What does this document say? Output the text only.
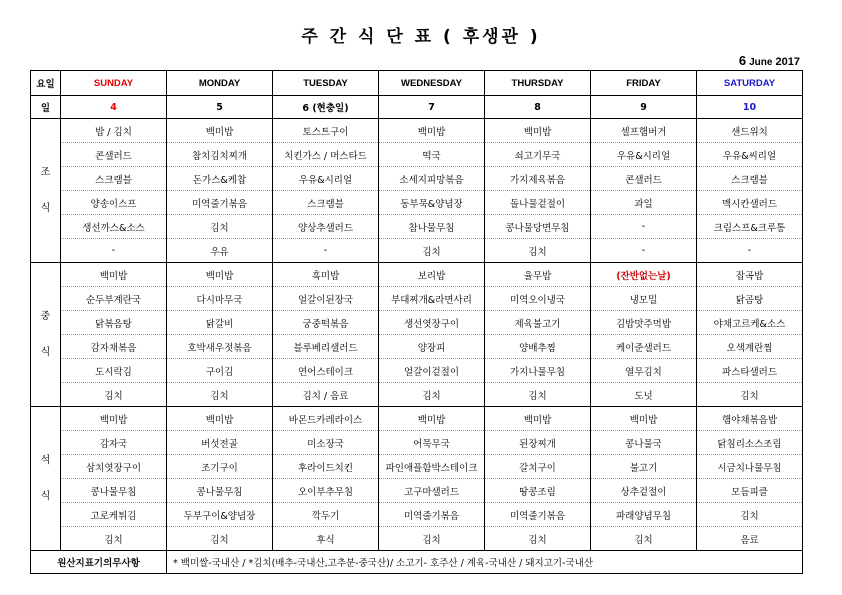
주 간 식 단 표 ( 후생관 )
6 June 2017
요일	SUNDAY	MONDAY	TUESDAY	WEDNESDAY	THURSDAY	FRIDAY	SATURDAY
일	4	5	6 (현충일)	7	8	9	10

조
식	밥 / 김치	백미밥	토스트구이	백미밥	백미밥	셀프햄버거	샌드위치
	콘샐러드	참치김치찌개	치킨가스 / 머스타드	떡국	쇠고기무국	우유&시리얼	우유&씨리얼
	스크램블	돈가스&케찹	우유&시리얼	소세지피망볶음	가지제육볶음	콘샐러드	스크램블
	양송이스프	미역줄기볶음	스크램블	동부묵&양념장	돌나물겉절이	과일	멕시칸샐러드
	생선까스&소스	김치	양상추샐러드	참나물무침	콩나물당면무침	-	크림스프&크루통
	-	우유	-	김치	김치	-	-

중
식	백미밥	백미밥	흑미밥	보리밥	율무밥	(잔반없는날)	잡곡밥
	순두부계란국	다시마무국	얼갈이된장국	부대찌개&라면사리	미역오이냉국	냉모밀	닭곰탕
	닭볶음탕	닭갈비	궁중떡볶음	생선엿장구이	제육불고기	김밥맛주먹밥	야채고르케&소스
	감자채볶음	호박새우젓볶음	블루베리샐러드	양장피	양배추찜	케이준샐러드	오색계란찜
	도시락김	구이김	연어스테이크	얼갈이겉절이	가지나물무침	열무김치	파스타샐러드
	김치	김치	김치 / 음료	김치	김치	도넛	김치

석
식	백미밥	백미밥	바몬드카레라이스	백미밥	백미밥	백미밥	햄야채볶음밥
	감자국	버섯전골	미소장국	어묵무국	된장찌개	콩나물국	닭침리소스조림
	삼치엿장구이	조기구이	후라이드치킨	파인애플함박스테이크	갈치구이	불고기	시금치나물무침
	콩나물무침	콩나물무침	오이부추무침	고구마샐러드	땅콩조림	상추겉절이	모듬피클
	고로케튀김	두부구이&양념장	깍두기	미역줄기볶음	미역줄기볶음	파래양념무침	김치
	김치	김치	후식	김치	김치	김치	음료
원산지표기의무사항		* 백미쌀-국내산 / *김치(배추-국내산,고추분-중국산)/ 소고기- 호주산 / 계육-국내산 / 돼지고기-국내산					
